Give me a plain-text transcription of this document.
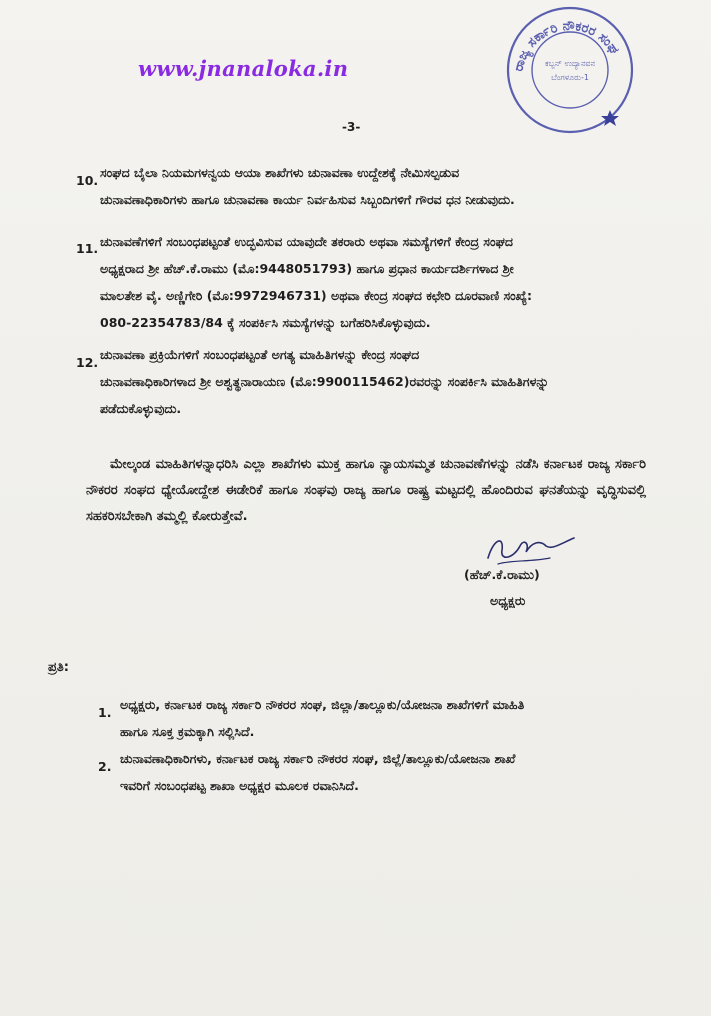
www.jnanaloka.in	ರಾಜ್ಯ ಸರ್ಕಾರಿ ನೌಕರರ ಸಂಘ
ಕಬ್ಬನ್ ಉದ್ಯಾನವನ
ಬೆಂಗಳೂರು-1
-3-
10.
ಸಂಘದ ಬೈಲಾ ನಿಯಮಗಳನ್ವಯ ಆಯಾ ಶಾಖೆಗಳು ಚುನಾವಣಾ ಉದ್ದೇಶಕ್ಕೆ ನೇಮಿಸಲ್ಪಡುವ
ಚುನಾವಣಾಧಿಕಾರಿಗಳು ಹಾಗೂ ಚುನಾವಣಾ ಕಾರ್ಯ ನಿರ್ವಹಿಸುವ ಸಿಬ್ಬಂದಿಗಳಿಗೆ ಗೌರವ ಧನ ನೀಡುವುದು.
11. ಚುನಾವಣೆಗಳಿಗೆ ಸಂಬಂಧಪಟ್ಟಂತೆ ಉದ್ಭವಿಸುವ ಯಾವುದೇ ತಕರಾರು ಅಥವಾ ಸಮಸ್ಯೆಗಳಿಗೆ ಕೇಂದ್ರ ಸಂಘದ
ಅಧ್ಯಕ್ಷರಾದ ಶ್ರೀ ಹೆಚ್.ಕೆ.ರಾಮು (ಮೊ:9448051793) ಹಾಗೂ ಪ್ರಧಾನ ಕಾರ್ಯದರ್ಶಿಗಳಾದ ಶ್ರೀ
ಮಾಲತೇಶ ವೈ. ಅಣ್ಣಿಗೇರಿ (ಮೊ:9972946731) ಅಥವಾ ಕೇಂದ್ರ ಸಂಘದ ಕಛೇರಿ ದೂರವಾಣಿ ಸಂಖ್ಯೆ:
080-22354783/84 ಕ್ಕೆ ಸಂಪರ್ಕಿಸಿ ಸಮಸ್ಯೆಗಳನ್ನು ಬಗೆಹರಿಸಿಕೊಳ್ಳುವುದು.
12.
ಚುನಾವಣಾ ಪ್ರಕ್ರಿಯೆಗಳಿಗೆ ಸಂಬಂಧಪಟ್ಟಂತೆ ಅಗತ್ಯ ಮಾಹಿತಿಗಳನ್ನು ಕೇಂದ್ರ ಸಂಘದ
ಚುನಾವಣಾಧಿಕಾರಿಗಳಾದ ಶ್ರೀ ಅಶ್ವತ್ಥನಾರಾಯಣ (ಮೊ:9900115462)ರವರನ್ನು ಸಂಪರ್ಕಿಸಿ ಮಾಹಿತಿಗಳನ್ನು
ಪಡೆದುಕೊಳ್ಳುವುದು.
ಮೇಲ್ಕಂಡ ಮಾಹಿತಿಗಳನ್ನಾಧರಿಸಿ ಎಲ್ಲಾ ಶಾಖೆಗಳು ಮುಕ್ತ ಹಾಗೂ ನ್ಯಾಯಸಮ್ಮತ ಚುನಾವಣೆಗಳನ್ನು ನಡೆಸಿ ಕರ್ನಾಟಕ ರಾಜ್ಯ ಸರ್ಕಾರಿ ನೌಕರರ ಸಂಘದ ಧ್ಯೇಯೋದ್ದೇಶ ಈಡೇರಿಕೆ ಹಾಗೂ ಸಂಘವು ರಾಜ್ಯ ಹಾಗೂ ರಾಷ್ಟ್ರ ಮಟ್ಟದಲ್ಲಿ ಹೊಂದಿರುವ ಘನತೆಯನ್ನು ವೃದ್ಧಿಸುವಲ್ಲಿ ಸಹಕರಿಸಬೇಕಾಗಿ ತಮ್ಮಲ್ಲಿ ಕೋರುತ್ತೇವೆ.
(ಹೆಚ್.ಕೆ.ರಾಮು)
ಅಧ್ಯಕ್ಷರು
ಪ್ರತಿ:
1.
ಅಧ್ಯಕ್ಷರು, ಕರ್ನಾಟಕ ರಾಜ್ಯ ಸರ್ಕಾರಿ ನೌಕರರ ಸಂಘ, ಜಿಲ್ಲಾ/ತಾಲ್ಲೂಕು/ಯೋಜನಾ ಶಾಖೆಗಳಿಗೆ ಮಾಹಿತಿ
ಹಾಗೂ ಸೂಕ್ತ ಕ್ರಮಕ್ಕಾಗಿ ಸಲ್ಲಿಸಿದೆ.
2.
ಚುನಾವಣಾಧಿಕಾರಿಗಳು, ಕರ್ನಾಟಕ ರಾಜ್ಯ ಸರ್ಕಾರಿ ನೌಕರರ ಸಂಘ, ಜಿಲ್ಲೆ/ತಾಲ್ಲೂಕು/ಯೋಜನಾ ಶಾಖೆ
ಇವರಿಗೆ ಸಂಬಂಧಪಟ್ಟ ಶಾಖಾ ಅಧ್ಯಕ್ಷರ ಮೂಲಕ ರವಾನಿಸಿದೆ.
